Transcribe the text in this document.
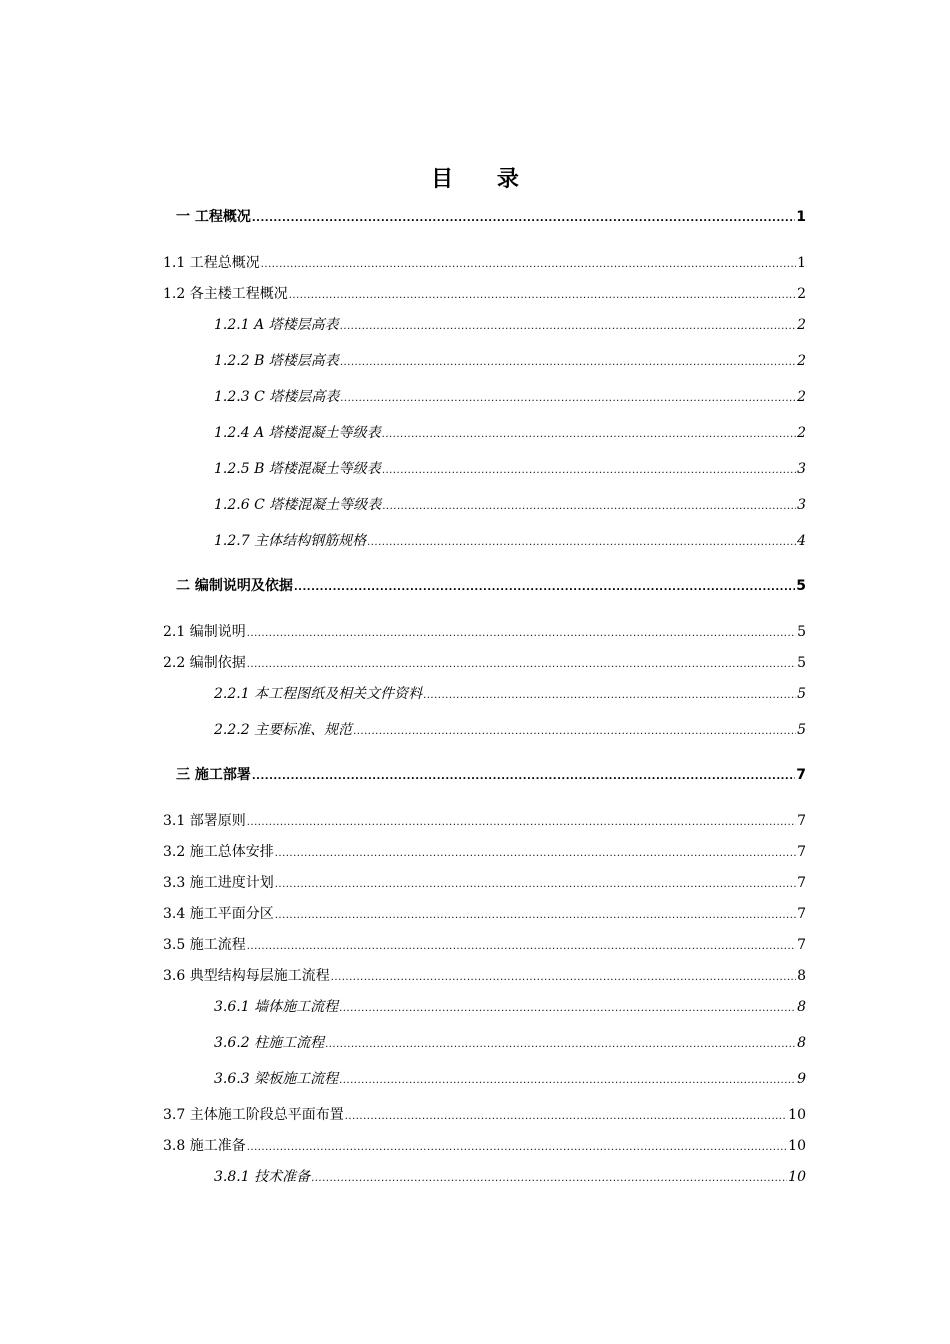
目 录
一 工程概况 .....	1
1.1 工程总概况 .....	1
1.2 各主楼工程概况 .....	2
1.2.1 A 塔楼层高表 .....	2
1.2.2 B 塔楼层高表 .....	2
1.2.3 C 塔楼层高表 .....	2
1.2.4 A 塔楼混凝土等级表 .....	2
1.2.5 B 塔楼混凝土等级表 .....	3
1.2.6 C 塔楼混凝土等级表 .....	3
1.2.7 主体结构钢筋规格 .....	4
二 编制说明及依据 .....	5
2.1 编制说明 .....	5
2.2 编制依据 .....	5
2.2.1 本工程图纸及相关文件资料 .....	5
2.2.2 主要标准、规范 .....	5
三 施工部署 .....	7
3.1 部署原则 .....	7
3.2 施工总体安排 .....	7
3.3 施工进度计划 .....	7
3.4 施工平面分区 .....	7
3.5 施工流程 .....	7
3.6 典型结构每层施工流程 .....	8
3.6.1 墙体施工流程 .....	8
3.6.2 柱施工流程 .....	8
3.6.3 梁板施工流程 .....	9
3.7 主体施工阶段总平面布置 .....	10
3.8 施工准备 .....	10
3.8.1 技术准备 .....	10
